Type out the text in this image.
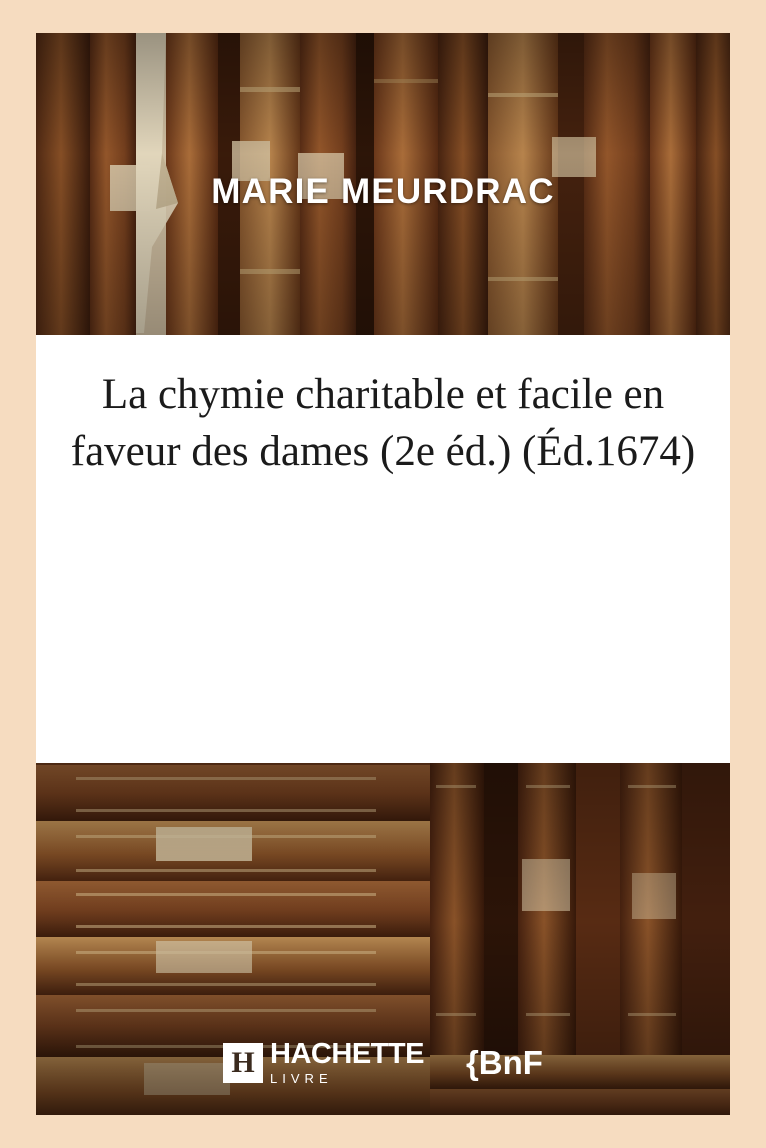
MARIE MEURDRAC
La chymie charitable et facile en faveur des dames (2e éd.) (Éd.1674)
H HACHETTE
LIVRE	{BnF
